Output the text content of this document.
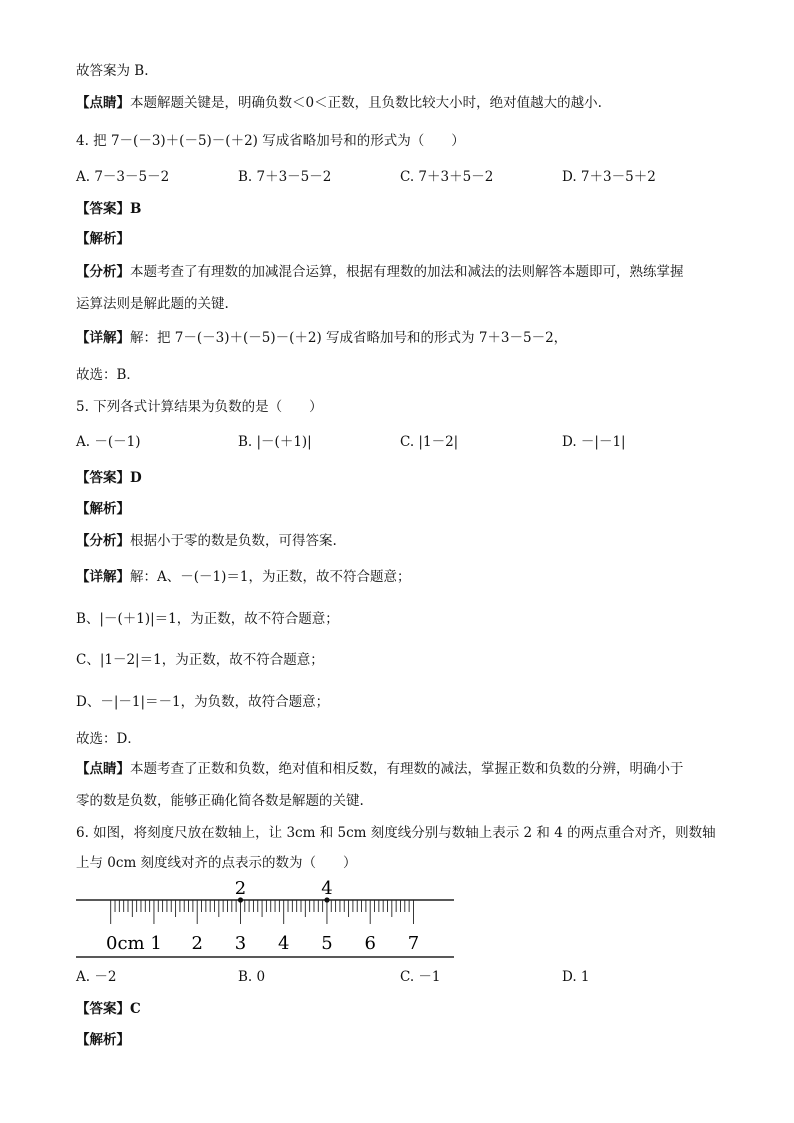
故答案为 B.
【点睛】本题解题关键是，明确负数＜0＜正数，且负数比较大小时，绝对值越大的越小.
4. 把 7－(－3)＋(－5)－(＋2) 写成省略加号和的形式为（　　）
A. 7－3－5－2	B. 7＋3－5－2	C. 7＋3＋5－2	D. 7＋3－5＋2
【答案】B
【解析】
【分析】本题考查了有理数的加减混合运算，根据有理数的加法和减法的法则解答本题即可，熟练掌握
运算法则是解此题的关键.
【详解】解：把 7－(－3)＋(－5)－(＋2) 写成省略加号和的形式为 7＋3－5－2，
故选：B．
5. 下列各式计算结果为负数的是（　　）
A. －(－1)	B. |－(＋1)|	C. |1－2|	D. －|－1|
【答案】D
【解析】
【分析】根据小于零的数是负数，可得答案.
【详解】解：A、－(－1)＝1，为正数，故不符合题意；
B、|－(＋1)|＝1，为正数，故不符合题意；
C、|1－2|＝1，为正数，故不符合题意；
D、－|－1|＝－1，为负数，故符合题意；
故选：D．
【点睛】本题考查了正数和负数，绝对值和相反数，有理数的减法，掌握正数和负数的分辨，明确小于
零的数是负数，能够正确化简各数是解题的关键.
6. 如图，将刻度尺放在数轴上，让 3cm 和 5cm 刻度线分别与数轴上表示 2 和 4 的两点重合对齐，则数轴
上与 0cm 刻度线对齐的点表示的数为（　　）
2	4
0cm 1 2 3 4 5 6 7
A. －2	B. 0	C. －1	D. 1
【答案】C
【解析】
